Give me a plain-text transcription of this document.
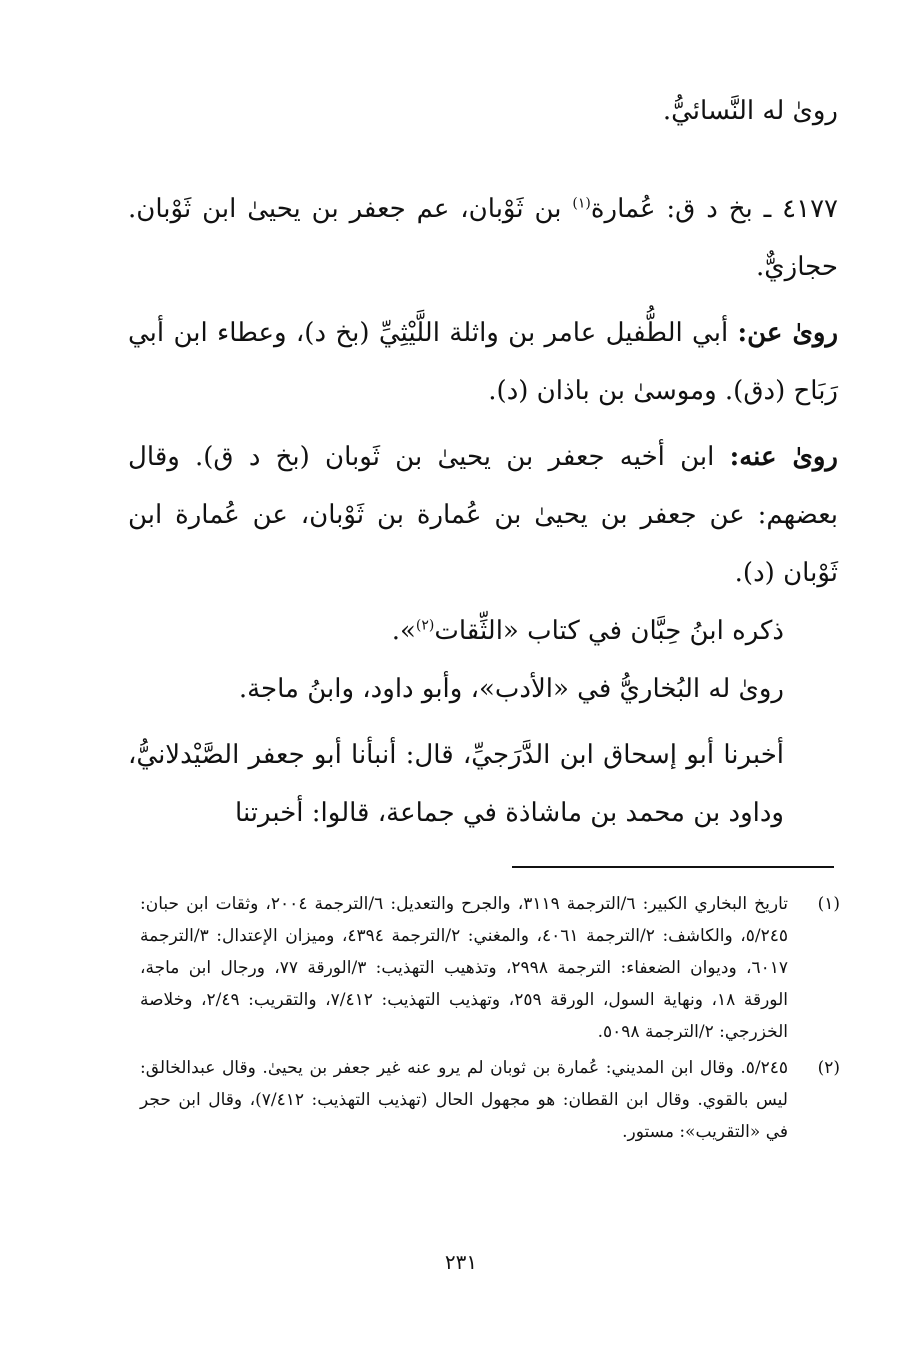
روىٰ له النَّسائيُّ.

٤١٧٧ ـ بخ د ق: عُمارة$^{(١)}$ بن ثَوْبان، عم جعفر بن يحيىٰ ابن ثَوْبان. حجازيٌّ.

روىٰ عن: أبي الطُّفيل عامر بن واثلة اللَّيْثِيِّ (بخ د)، وعطاء ابن أبي رَبَاح (دق). وموسىٰ بن باذان (د).

روىٰ عنه: ابن أخيه جعفر بن يحيىٰ بن ثَوبان (بخ د ق). وقال بعضهم: عن جعفر بن يحيىٰ بن عُمارة بن ثَوْبان، عن عُمارة ابن ثَوْبان (د).

ذكره ابنُ حِبَّان في كتاب «الثِّقات$^{(٢)}$».

روىٰ له البُخاريُّ في «الأدب»، وأبو داود، وابنُ ماجة.

أخبرنا أبو إسحاق ابن الدَّرَجيِّ، قال: أنبأنا أبو جعفر الصَّيْدلانيُّ، وداود بن محمد بن ماشاذة في جماعة، قالوا: أخبرتنا

(١)
تاريخ البخاري الكبير: ٦/الترجمة ٣١١٩، والجرح والتعديل: ٦/الترجمة ٢٠٠٤، وثقات ابن حبان: ٥/٢٤٥، والكاشف: ٢/الترجمة ٤٠٦١، والمغني: ٢/الترجمة ٤٣٩٤، وميزان الإعتدال: ٣/الترجمة ٦٠١٧، وديوان الضعفاء: الترجمة ٢٩٩٨، وتذهيب التهذيب: ٣/الورقة ٧٧، ورجال ابن ماجة، الورقة ١٨، ونهاية السول، الورقة ٢٥٩، وتهذيب التهذيب: ٧/٤١٢، والتقريب: ٢/٤٩، وخلاصة الخزرجي: ٢/الترجمة ٥٠٩٨.
(٢)
٥/٢٤٥. وقال ابن المديني: عُمارة بن ثوبان لم يرو عنه غير جعفر بن يحيىٰ. وقال عبدالخالق: ليس بالقوي. وقال ابن القطان: هو مجهول الحال (تهذيب التهذيب: ٧/٤١٢)، وقال ابن حجر في «التقريب»: مستور.
٢٣١
